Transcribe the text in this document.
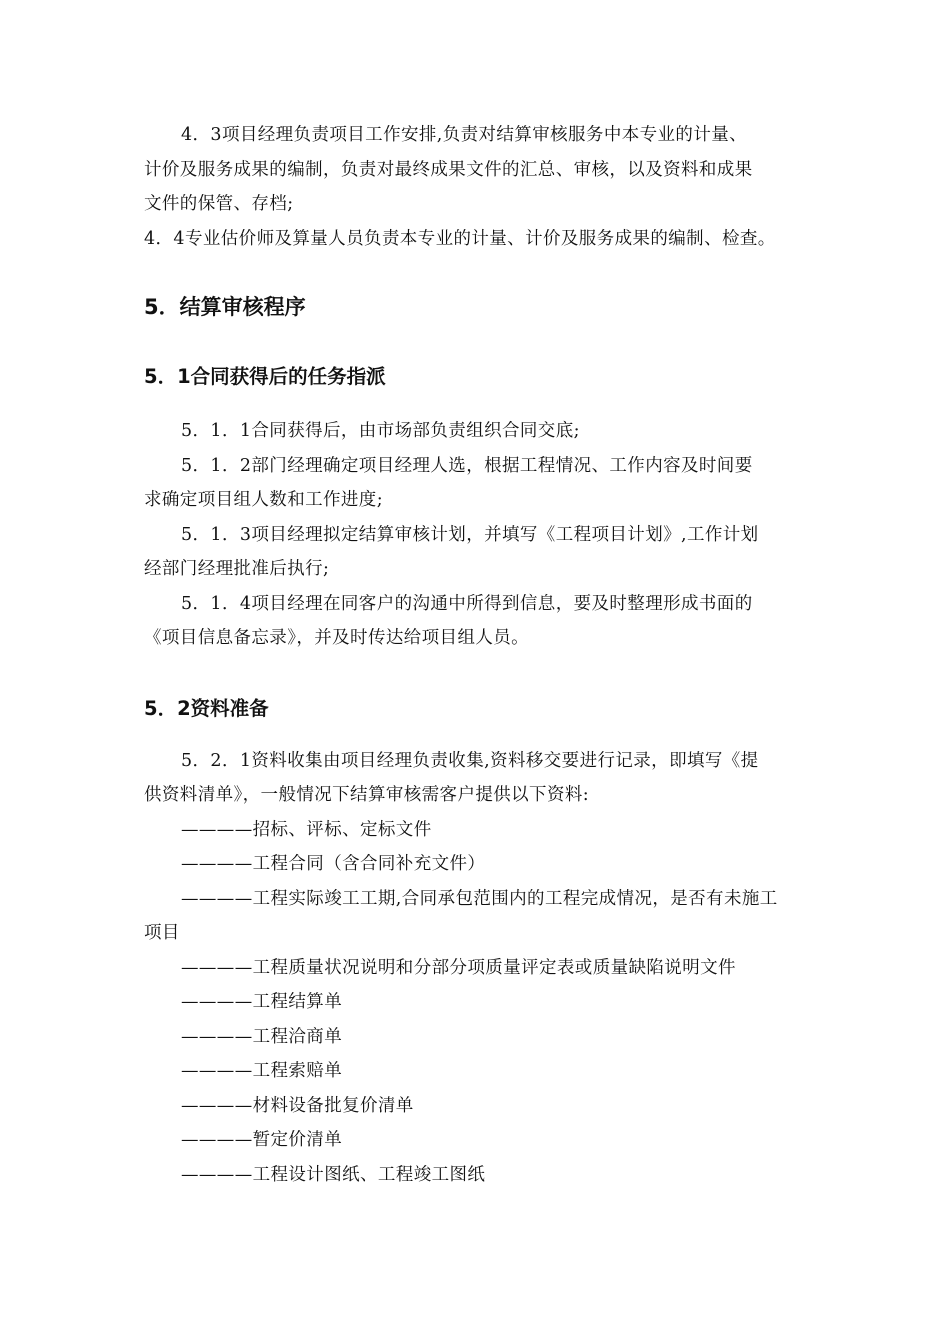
4．3项目经理负责项目工作安排,负责对结算审核服务中本专业的计量、
计价及服务成果的编制，负责对最终成果文件的汇总、审核，以及资料和成果
文件的保管、存档;
4．4专业估价师及算量人员负责本专业的计量、计价及服务成果的编制、检查。
5．结算审核程序
5．1合同获得后的任务指派
5．1．1合同获得后，由市场部负责组织合同交底;
5．1．2部门经理确定项目经理人选，根据工程情况、工作内容及时间要
求确定项目组人数和工作进度;
5．1．3项目经理拟定结算审核计划，并填写《工程项目计划》,工作计划
经部门经理批准后执行;
5．1．4项目经理在同客户的沟通中所得到信息，要及时整理形成书面的
《项目信息备忘录》，并及时传达给项目组人员。
5．2资料准备
5．2．1资料收集由项目经理负责收集,资料移交要进行记录，即填写《提
供资料清单》，一般情况下结算审核需客户提供以下资料:
————招标、评标、定标文件
————工程合同（含合同补充文件）
————工程实际竣工工期,合同承包范围内的工程完成情况，是否有未施工
项目
————工程质量状况说明和分部分项质量评定表或质量缺陷说明文件
————工程结算单
————工程洽商单
————工程索赔单
————材料设备批复价清单
————暂定价清单
————工程设计图纸、工程竣工图纸
